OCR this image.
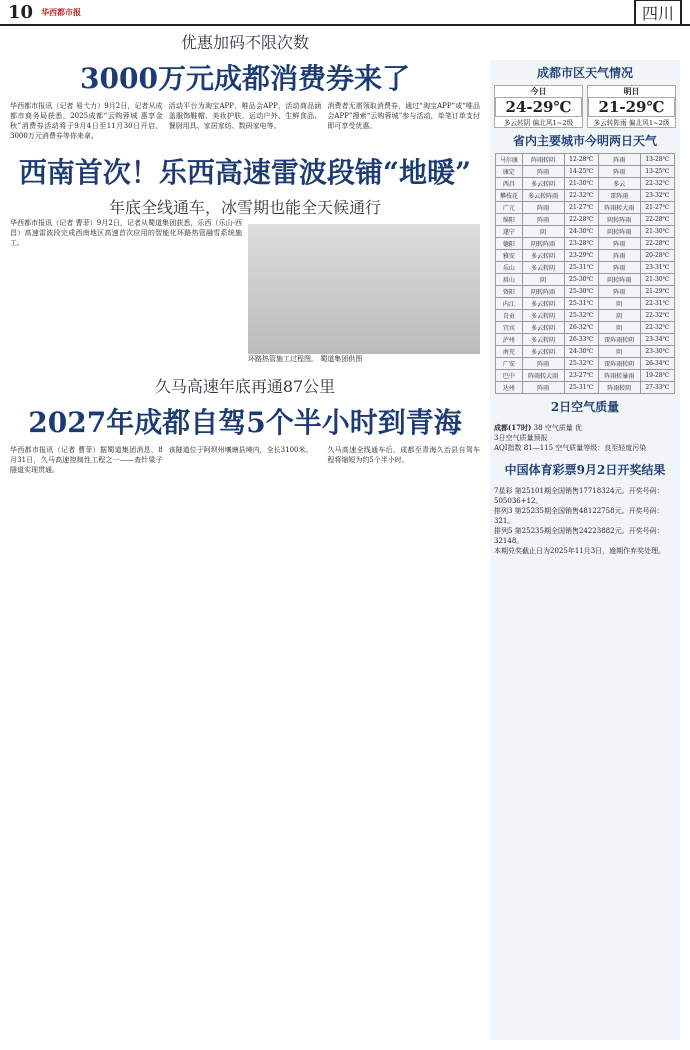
10 华西都市报	四川
优惠加码不限次数
3000万元成都消费券来了
华西都市报讯（记者 易弋力）9月2日，记者从成都市商务局获悉，2025成都“云购蓉城 惠享金秋”消费券活动将于9月4日至11月30日开启，3000万元消费券等你来拿。
活动平台为淘宝APP、唯品会APP，活动商品涵盖服饰鞋帽、美妆护肤、运动户外、生鲜食品、餐厨用具、家居家纺、数码家电等。
消费者无需领取消费券，通过“淘宝APP”或“唯品会APP”搜索“云购蓉城”参与活动，单笔订单支付即可享受优惠。
西南首次！乐西高速雷波段铺“地暖”
年底全线通车，冰雪期也能全天候通行
华西都市报讯（记者 曹菲）9月2日，记者从蜀道集团获悉，乐西（乐山-西昌）高速雷波段完成西南地区高速首次应用的智能化环路热管融雪系统施工。
环路热管施工过程图。 蜀道集团供图
久马高速年底再通87公里
2027年成都自驾5个半小时到青海
华西都市报讯（记者 曹菲）据蜀道集团消息，8月31日，久马高速控制性工程之一——查针梁子隧道实现贯通。
该隧道位于阿坝州壤塘县境内，全长3100米。	久马高速全线通车后，成都至青海久治县自驾车程将缩短为约5个半小时。
成都市区天气情况
今日
24-29℃
多云转阴 偏北风1~2级
明日
21-29℃
多云转阵雨 偏北风1~2级
省内主要城市今明两日天气
马尔康	阵雨转阴	12-28℃	阵雨	13-28℃
康定	阵雨	14-25℃	阵雨	13-25℃
西昌	多云转阴	21-30℃	多云	22-32℃
攀枝花	多云转阵雨	22-32℃	雷阵雨	23-32℃
广元	阵雨	21-27℃	阵雨转大雨	21-27℃
绵阳	阵雨	22-28℃	阴转阵雨	22-28℃
遂宁	阴	24-30℃	阴转阵雨	21-30℃
德阳	阴转阵雨	23-28℃	阵雨	22-28℃
雅安	多云转阴	23-29℃	阵雨	20-28℃
乐山	多云转阴	25-31℃	阵雨	23-31℃
眉山	阴	25-30℃	阴转阵雨	21-30℃
资阳	阴转阵雨	25-30℃	阵雨	21-29℃
内江	多云转阴	25-31℃	阴	22-31℃
自贡	多云转阴	25-32℃	阴	22-32℃
宜宾	多云转阴	26-32℃	阴	22-32℃
泸州	多云转阴	26-33℃	雷阵雨转阴	23-34℃
南充	多云转阴	24-30℃	阴	23-30℃
广安	阵雨	25-32℃	雷阵雨转阴	26-34℃
巴中	阵雨转大雨	23-27℃	阵雨转暴雨	19-28℃
达州	阵雨	25-31℃	阵雨转阴	27-33℃
2日空气质量
成都(17时) 38 空气质量 优
3日空气质量预报
AQI指数 81—115 空气质量等级：良至轻度污染
中国体育彩票9月2日开奖结果
7星彩 第25101期全国销售17718324元。开奖号码：505036+12。
排列3 第25235期全国销售48122758元。开奖号码：321。
排列5 第25235期全国销售24223882元。开奖号码：32148。
本期兑奖截止日为2025年11月3日，逾期作弃奖处理。
